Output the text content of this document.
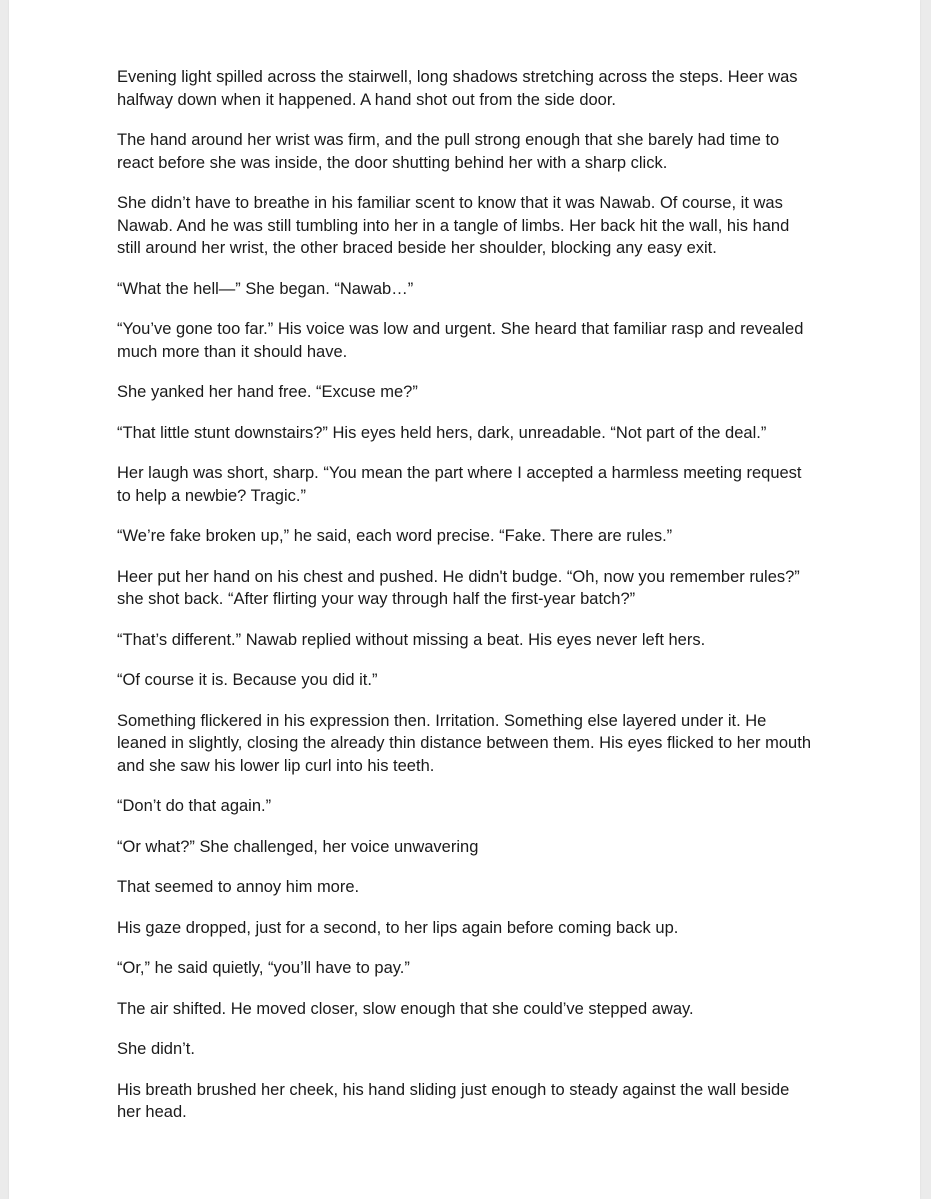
Evening light spilled across the stairwell, long shadows stretching across the steps. Heer was halfway down when it happened. A hand shot out from the side door.

The hand around her wrist was firm, and the pull strong enough that she barely had time to react before she was inside, the door shutting behind her with a sharp click.

She didn’t have to breathe in his familiar scent to know that it was Nawab. Of course, it was Nawab. And he was still tumbling into her in a tangle of limbs. Her back hit the wall, his hand still around her wrist, the other braced beside her shoulder, blocking any easy exit.

“What the hell—” She began. “Nawab…”

“You’ve gone too far.” His voice was low and urgent. She heard that familiar rasp and revealed much more than it should have.

She yanked her hand free. “Excuse me?”

“That little stunt downstairs?” His eyes held hers, dark, unreadable. “Not part of the deal.”

Her laugh was short, sharp. “You mean the part where I accepted a harmless meeting request to help a newbie? Tragic.”

“We’re fake broken up,” he said, each word precise. “Fake. There are rules.”

Heer put her hand on his chest and pushed. He didn't budge. “Oh, now you remember rules?” she shot back. “After flirting your way through half the first-year batch?”

“That’s different.” Nawab replied without missing a beat. His eyes never left hers.

“Of course it is. Because you did it.”

Something flickered in his expression then. Irritation. Something else layered under it. He leaned in slightly, closing the already thin distance between them. His eyes flicked to her mouth and she saw his lower lip curl into his teeth.

“Don’t do that again.”

“Or what?” She challenged, her voice unwavering

That seemed to annoy him more.

His gaze dropped, just for a second, to her lips again before coming back up.

“Or,” he said quietly, “you’ll have to pay.”

The air shifted. He moved closer, slow enough that she could’ve stepped away.

She didn’t.

His breath brushed her cheek, his hand sliding just enough to steady against the wall beside her head.
